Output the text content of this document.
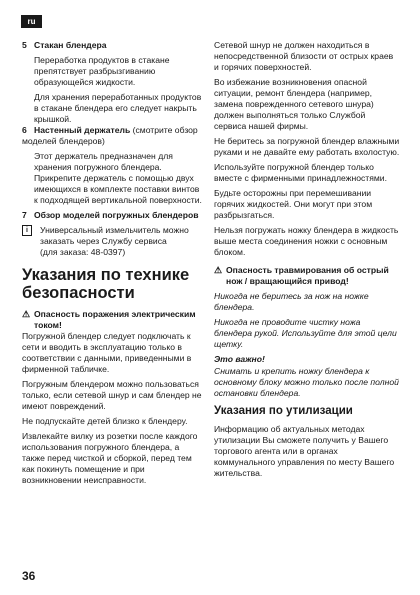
ru

5 Стакан блендера

Переработка продуктов в стакане препятствует разбрызгиванию образующейся жидкости.

Для хранения переработанных продуктов в стакане блендера его следует накрыть крышкой.

6 Настенный держатель (смотрите обзор моделей блендеров)

Этот держатель предназначен для хранения погружного блендера. Прикрепите держатель с помощью двух имеющихся в комплекте поставки винтов к подходящей вертикальной поверхности.

7 Обзор моделей погружных блендеров

i	Универсальный измельчитель можно заказать через Службу сервиса
(для заказа: 48-0397)
Указания по технике безопасности
⚠ Опасность поражения электрическим током!

Погружной блендер следует подключать к сети и вводить в эксплуатацию только в соответствии с данными, приведенными в фирменной табличке.

Погружным блендером можно пользоваться только, если сетевой шнур и сам блендер не имеют повреждений.

Не подпускайте детей близко к блендеру.

Извлекайте вилку из розетки после каждого использования погружного блендера, а также перед чисткой и сборкой, перед тем как покинуть помещение и при возникновении неисправности.

Сетевой шнур не должен находиться в непосредственной близости от острых краев и горячих поверхностей.

Во избежание возникновения опасной ситуации, ремонт блендера (например, замена поврежденного сетевого шнура) должен выполняться только Службой сервиса нашей фирмы.

Не беритесь за погружной блендер влажными руками и не давайте ему работать вхолостую.

Используйте погружной блендер только вместе с фирменными принадлежностями.

Будьте осторожны при перемешивании горячих жидкостей. Они могут при этом разбрызгаться.

Нельзя погружать ножку блендера в жидкость выше места соединения ножки с основным блоком.

⚠ Опасность травмирования об острый нож / вращающийся привод!

Никогда не беритесь за нож на ножке блендера.

Никогда не проводите чистку ножа блендера рукой. Используйте для этой цели щетку.

Это важно!

Снимать и крепить ножку блендера к основному блоку можно только после полной остановки блендера.

Указания по утилизации

Информацию об актуальных методах утилизации Вы сможете получить у Вашего торгового агента или в органах коммунального управления по месту Вашего жительства.

36
